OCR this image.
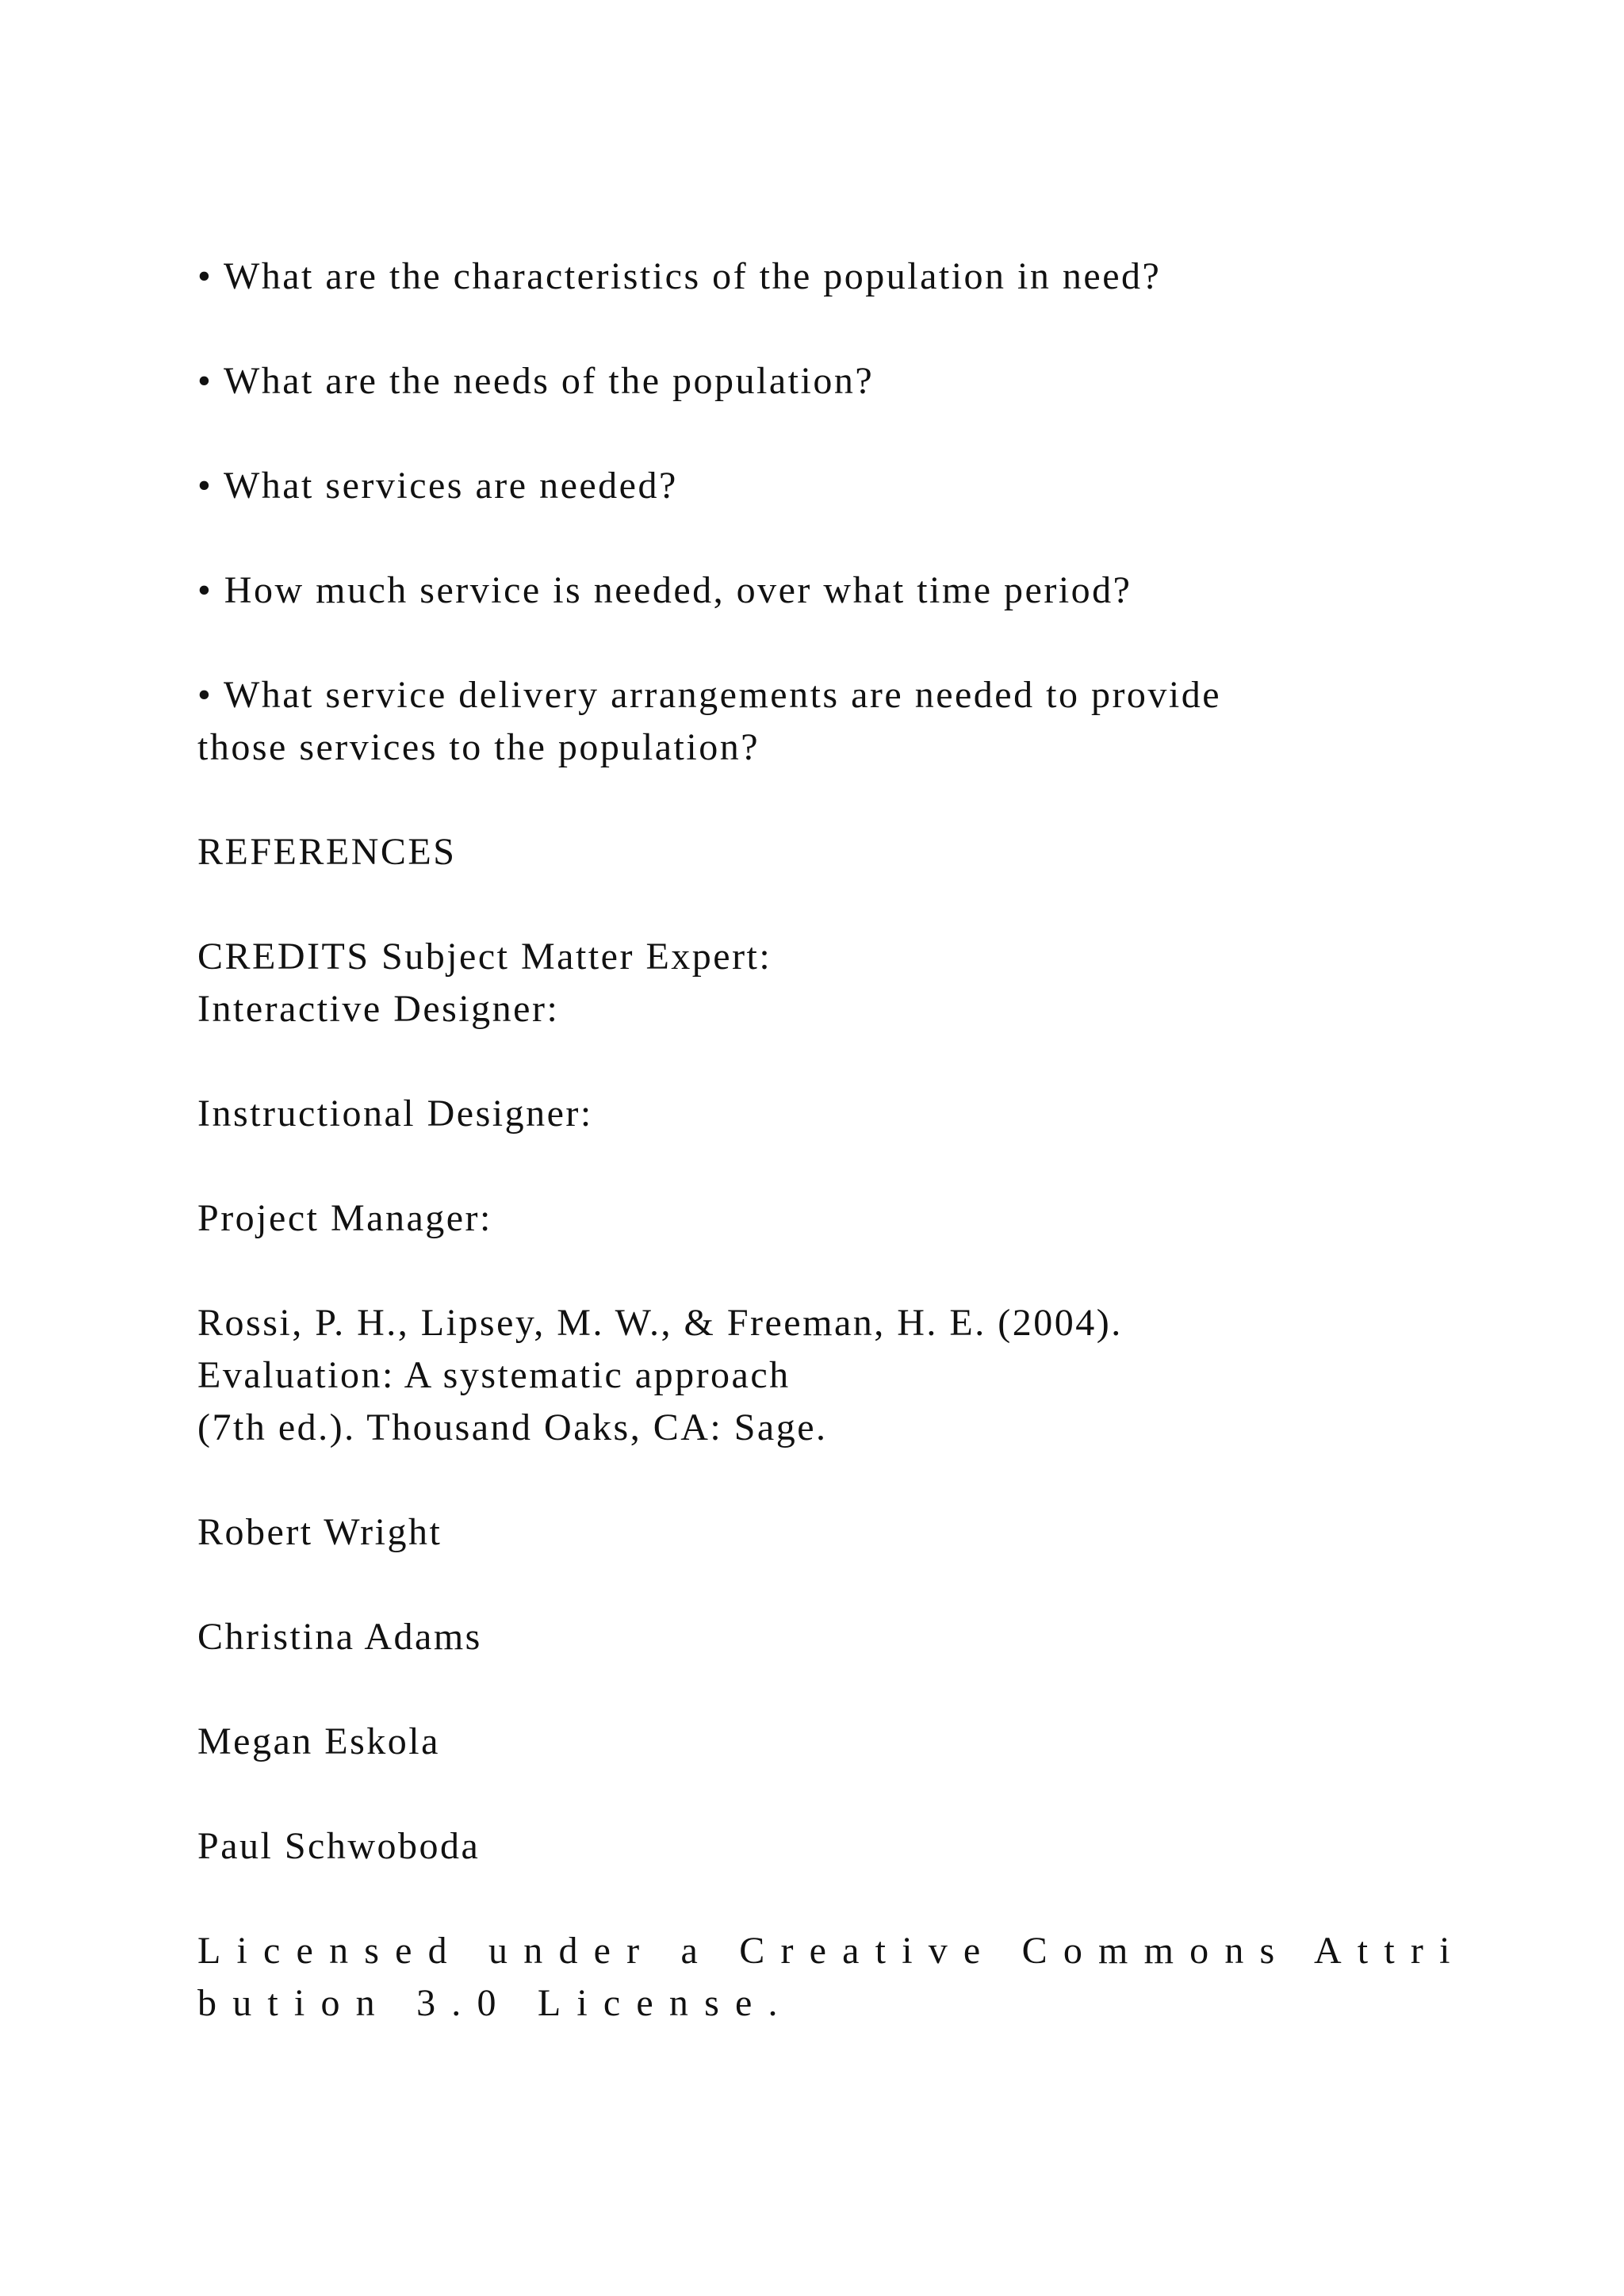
• What are the characteristics of the population in need?

• What are the needs of the population?

• What services are needed?

• How much service is needed, over what time period?

• What service delivery arrangements are needed to provide

those services to the population?

REFERENCES

CREDITS Subject Matter Expert:

Interactive Designer:

Instructional Designer:

Project Manager:

Rossi, P. H., Lipsey, M. W., & Freeman, H. E. (2004).

Evaluation: A systematic approach

(7th ed.). Thousand Oaks, CA: Sage.

Robert Wright

Christina Adams

Megan Eskola

Paul Schwoboda

Licensed under a Creative Commons Attri

bution 3.0 License.
